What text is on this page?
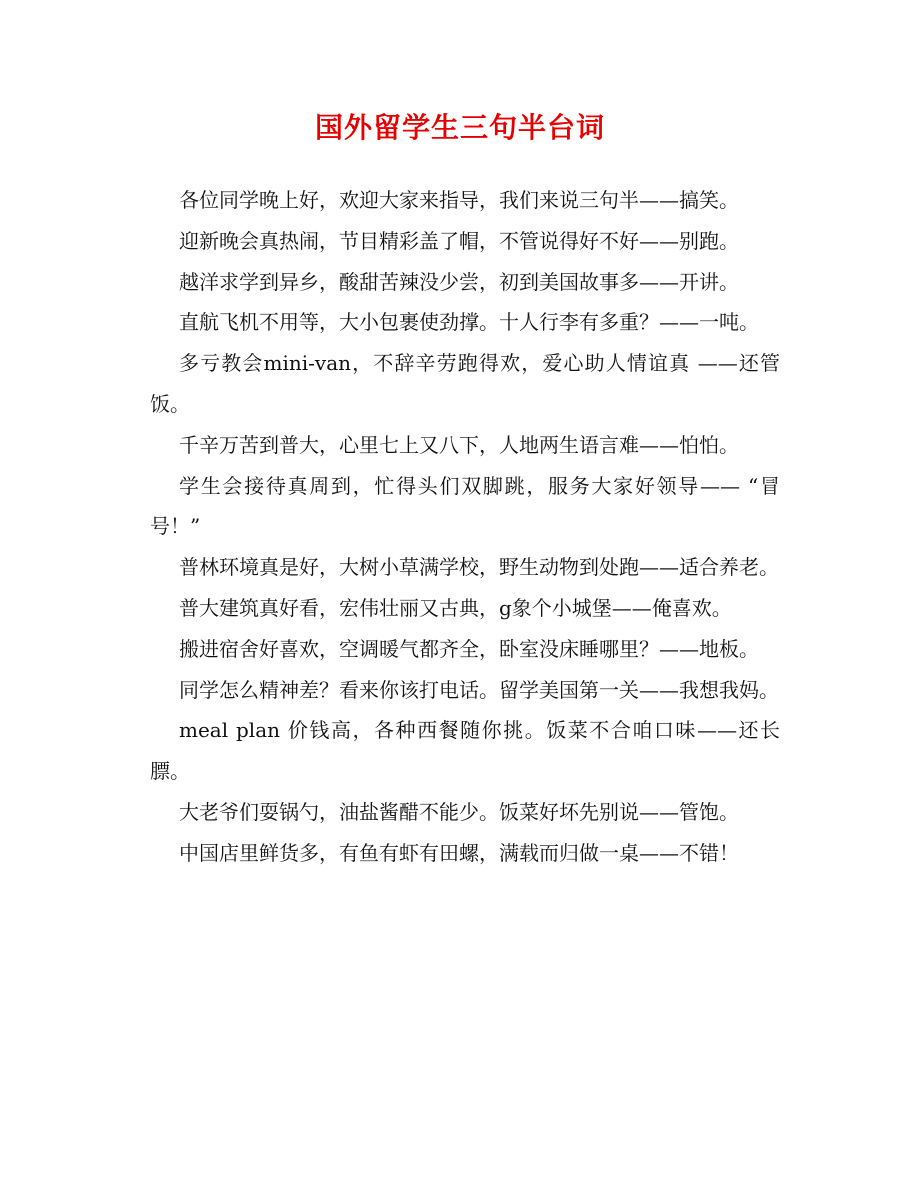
国外留学生三句半台词

各位同学晚上好，欢迎大家来指导，我们来说三句半——搞笑。

迎新晚会真热闹，节目精彩盖了帽，不管说得好不好——别跑。

越洋求学到异乡，酸甜苦辣没少尝，初到美国故事多——开讲。

直航飞机不用等，大小包裹使劲撑。十人行李有多重？——一吨。

多亏教会mini-van，不辞辛劳跑得欢，爱心助人情谊真 ——还管饭。

千辛万苦到普大，心里七上又八下，人地两生语言难——怕怕。

学生会接待真周到，忙得头们双脚跳，服务大家好领导—— “冒号！”

普林环境真是好，大树小草满学校，野生动物到处跑——适合养老。

普大建筑真好看，宏伟壮丽又古典，g象个小城堡——俺喜欢。

搬进宿舍好喜欢，空调暖气都齐全，卧室没床睡哪里？——地板。

同学怎么精神差？看来你该打电话。留学美国第一关——我想我妈。

meal plan 价钱高，各种西餐随你挑。饭菜不合咱口味——还长膘。

大老爷们耍锅勺，油盐酱醋不能少。饭菜好坏先别说——管饱。

中国店里鲜货多，有鱼有虾有田螺，满载而归做一桌——不错！
